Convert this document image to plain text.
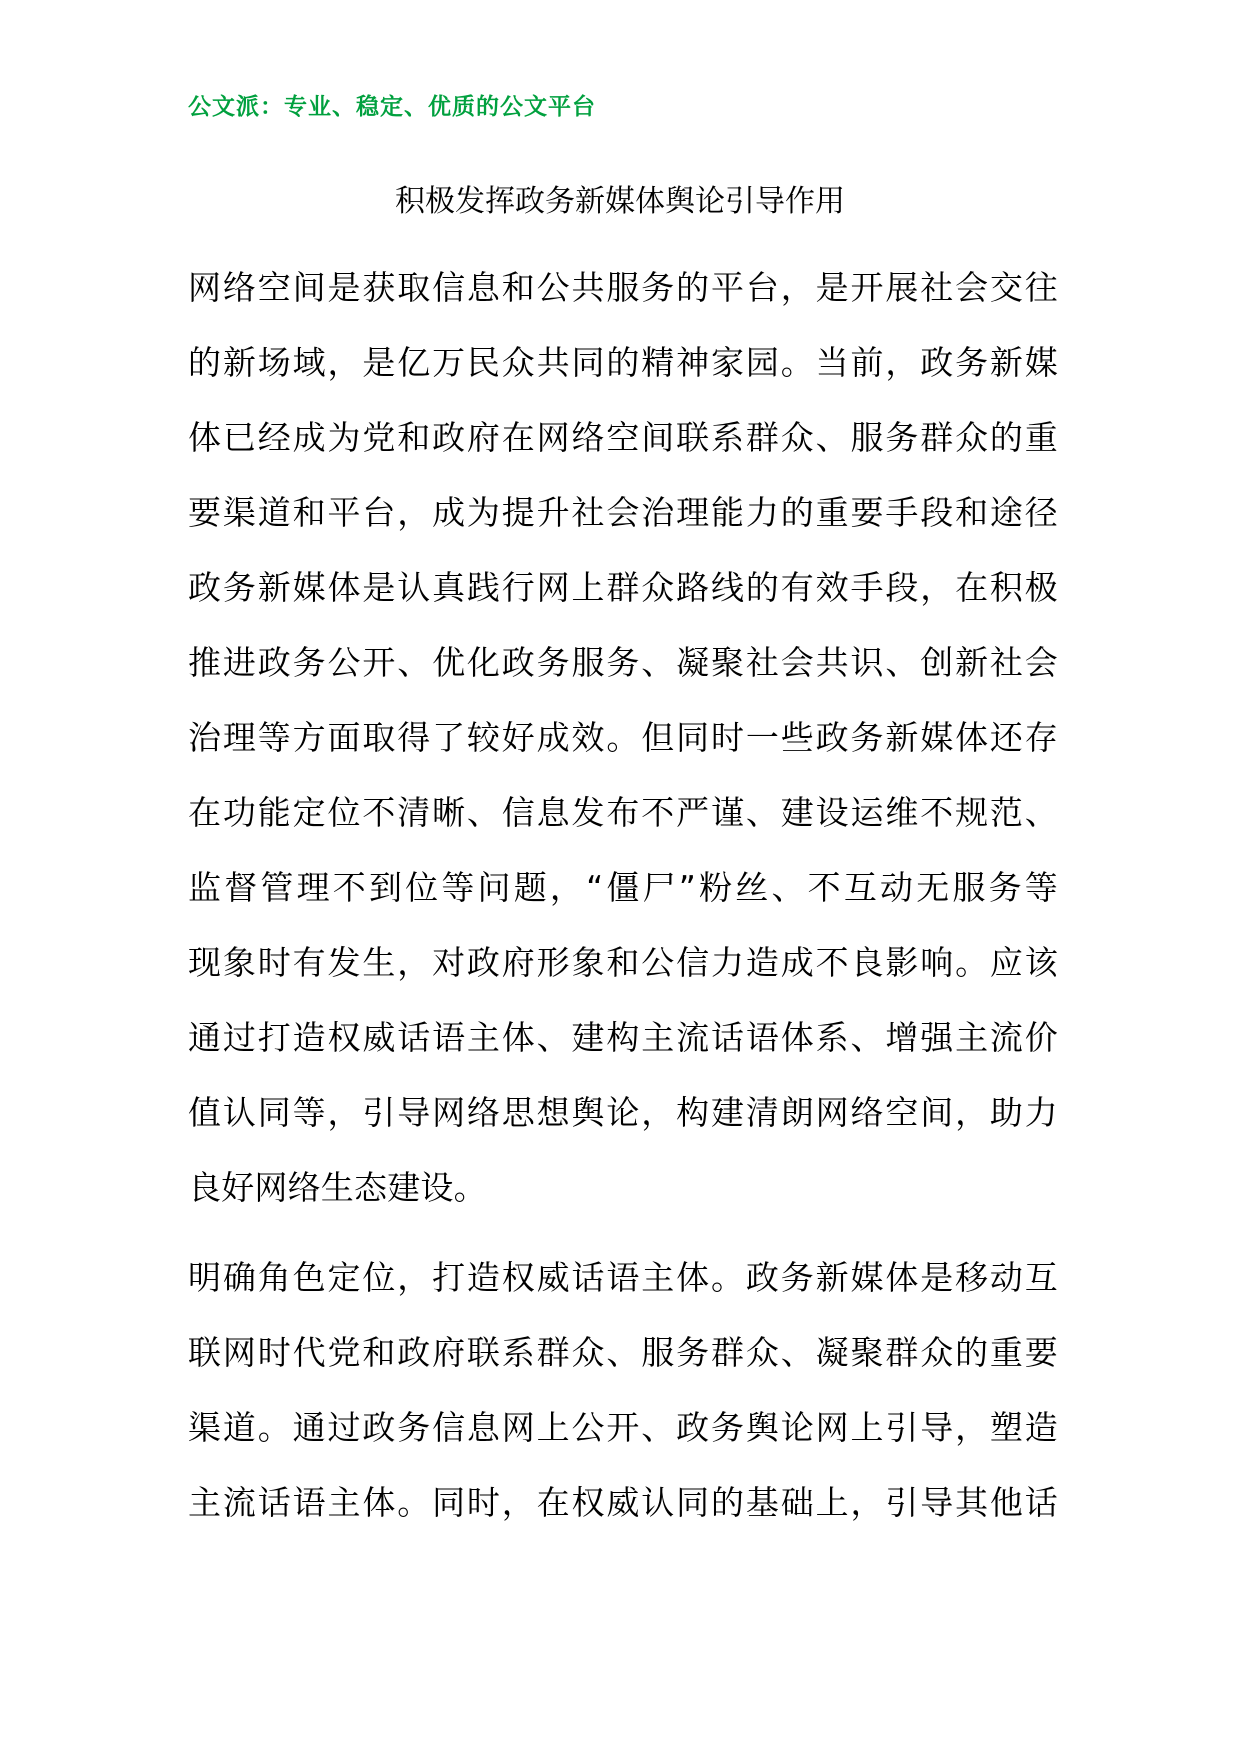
公文派：专业、稳定、优质的公文平台
积极发挥政务新媒体舆论引导作用

网络空间是获取信息和公共服务的平台，是开展社会交往
的新场域，是亿万民众共同的精神家园。当前，政务新媒
体已经成为党和政府在网络空间联系群众、服务群众的重
要渠道和平台，成为提升社会治理能力的重要手段和途径
政务新媒体是认真践行网上群众路线的有效手段，在积极
推进政务公开、优化政务服务、凝聚社会共识、创新社会
治理等方面取得了较好成效。但同时一些政务新媒体还存
在功能定位不清晰、信息发布不严谨、建设运维不规范、
监督管理不到位等问题，“僵尸”粉丝、不互动无服务等
现象时有发生，对政府形象和公信力造成不良影响。应该
通过打造权威话语主体、建构主流话语体系、增强主流价
值认同等，引导网络思想舆论，构建清朗网络空间，助力
良好网络生态建设。

明确角色定位，打造权威话语主体。政务新媒体是移动互
联网时代党和政府联系群众、服务群众、凝聚群众的重要
渠道。通过政务信息网上公开、政务舆论网上引导，塑造
主流话语主体。同时，在权威认同的基础上，引导其他话
